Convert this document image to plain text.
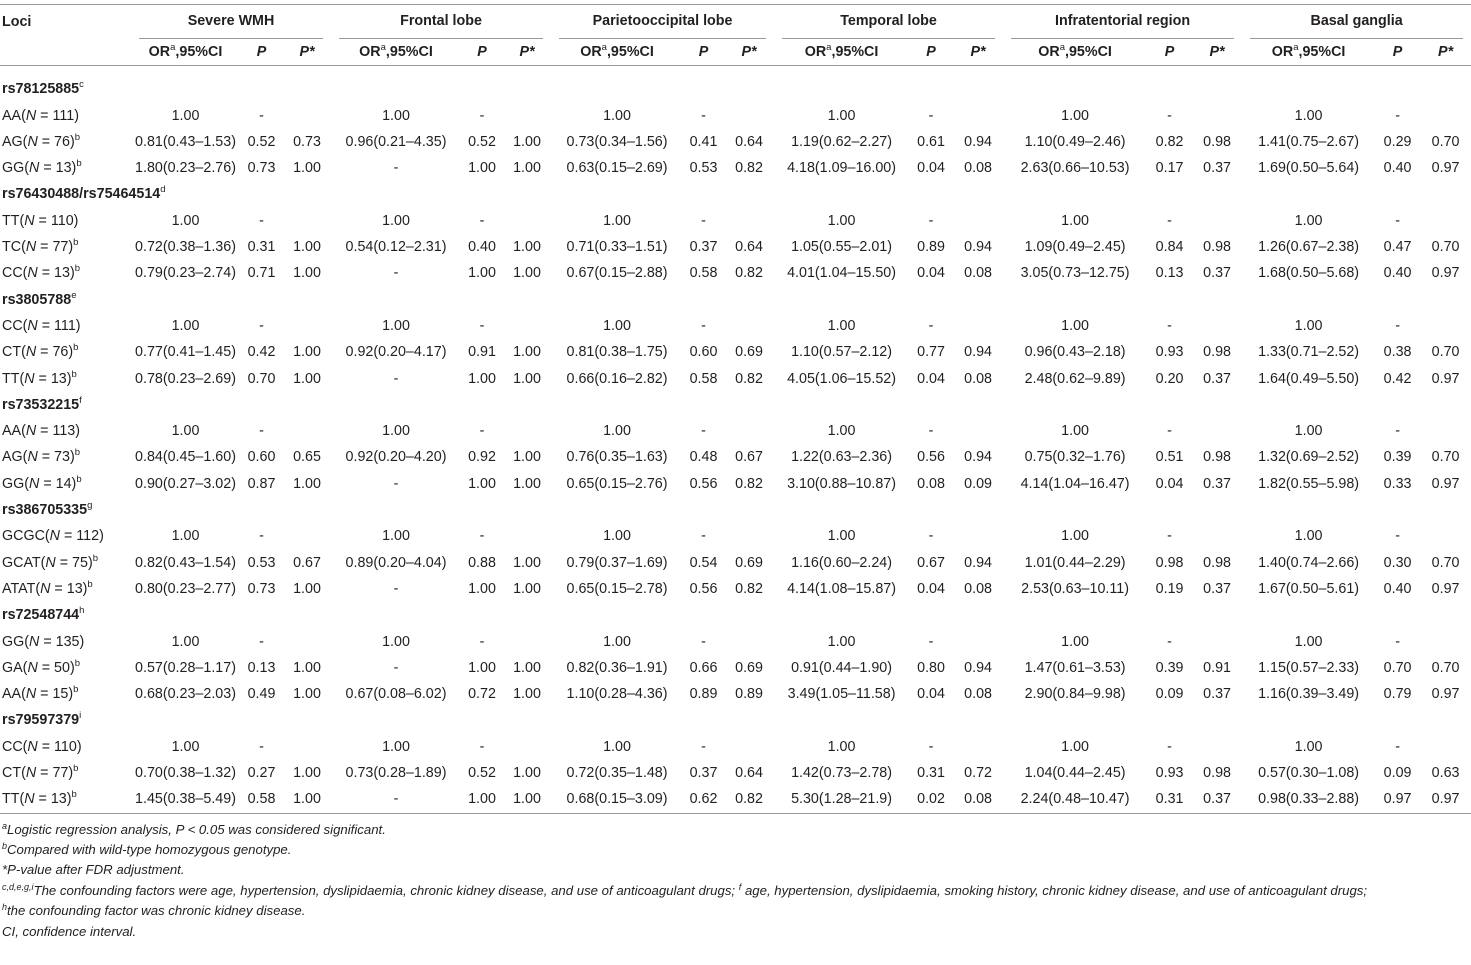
Loci	Severe WMH			Frontal lobe			Parietooccipital lobe			Temporal lobe			Infratentorial region			Basal ganglia		

	$OR^a,95\%CI$	P	P*	$OR^a,95\%CI$	P	P*	$OR^a,95\%CI$	P	P*	$OR^a,95\%CI$	P	P*	$OR^a,95\%CI$	P	P*	$OR^a,95\%CI$	P	P*

rs78125885$^c$
AA(N = 111)	1.00	-		1.00	-		1.00	-		1.00	-		1.00	-		1.00	-	
AG(N = 76)$^b$	0.81(0.43–1.53)	0.52	0.73	0.96(0.21–4.35)	0.52	1.00	0.73(0.34–1.56)	0.41	0.64	1.19(0.62–2.27)	0.61	0.94	1.10(0.49–2.46)	0.82	0.98	1.41(0.75–2.67)	0.29	0.70
GG(N = 13)$^b$	1.80(0.23–2.76)	0.73	1.00	-	1.00	1.00	0.63(0.15–2.69)	0.53	0.82	4.18(1.09–16.00)	0.04	0.08	2.63(0.66–10.53)	0.17	0.37	1.69(0.50–5.64)	0.40	0.97
rs76430488/rs75464514$^d$
TT(N = 110)	1.00	-		1.00	-		1.00	-		1.00	-		1.00	-		1.00	-	
TC(N = 77)$^b$	0.72(0.38–1.36)	0.31	1.00	0.54(0.12–2.31)	0.40	1.00	0.71(0.33–1.51)	0.37	0.64	1.05(0.55–2.01)	0.89	0.94	1.09(0.49–2.45)	0.84	0.98	1.26(0.67–2.38)	0.47	0.70
CC(N = 13)$^b$	0.79(0.23–2.74)	0.71	1.00	-	1.00	1.00	0.67(0.15–2.88)	0.58	0.82	4.01(1.04–15.50)	0.04	0.08	3.05(0.73–12.75)	0.13	0.37	1.68(0.50–5.68)	0.40	0.97
rs3805788e
CC(N = 111)	1.00	-		1.00	-		1.00	-		1.00	-		1.00	-		1.00	-	
CT(N = 76)$^b$	0.77(0.41–1.45)	0.42	1.00	0.92(0.20–4.17)	0.91	1.00	0.81(0.38–1.75)	0.60	0.69	1.10(0.57–2.12)	0.77	0.94	0.96(0.43–2.18)	0.93	0.98	1.33(0.71–2.52)	0.38	0.70
TT(N = 13)$^b$	0.78(0.23–2.69)	0.70	1.00	-	1.00	1.00	0.66(0.16–2.82)	0.58	0.82	4.05(1.06–15.52)	0.04	0.08	2.48(0.62–9.89)	0.20	0.37	1.64(0.49–5.50)	0.42	0.97
rs73532215$^f$
AA(N = 113)	1.00	-		1.00	-		1.00	-		1.00	-		1.00	-		1.00	-	
AG(N = 73)$^b$	0.84(0.45–1.60)	0.60	0.65	0.92(0.20–4.20)	0.92	1.00	0.76(0.35–1.63)	0.48	0.67	1.22(0.63–2.36)	0.56	0.94	0.75(0.32–1.76)	0.51	0.98	1.32(0.69–2.52)	0.39	0.70
GG(N = 14)$^b$	0.90(0.27–3.02)	0.87	1.00	-	1.00	1.00	0.65(0.15–2.76)	0.56	0.82	3.10(0.88–10.87)	0.08	0.09	4.14(1.04–16.47)	0.04	0.37	1.82(0.55–5.98)	0.33	0.97
rs386705335$^g$
GCGC(N = 112)	1.00	-		1.00	-		1.00	-		1.00	-		1.00	-		1.00	-	
GCAT(N = 75)$^b$	0.82(0.43–1.54)	0.53	0.67	0.89(0.20–4.04)	0.88	1.00	0.79(0.37–1.69)	0.54	0.69	1.16(0.60–2.24)	0.67	0.94	1.01(0.44–2.29)	0.98	0.98	1.40(0.74–2.66)	0.30	0.70
ATAT(N = 13)$^b$	0.80(0.23–2.77)	0.73	1.00	-	1.00	1.00	0.65(0.15–2.78)	0.56	0.82	4.14(1.08–15.87)	0.04	0.08	2.53(0.63–10.11)	0.19	0.37	1.67(0.50–5.61)	0.40	0.97
rs72548744$^h$
GG(N = 135)	1.00	-		1.00	-		1.00	-		1.00	-		1.00	-		1.00	-	
GA(N = 50)$^b$	0.57(0.28–1.17)	0.13	1.00	-	1.00	1.00	0.82(0.36–1.91)	0.66	0.69	0.91(0.44–1.90)	0.80	0.94	1.47(0.61–3.53)	0.39	0.91	1.15(0.57–2.33)	0.70	0.70
AA(N = 15)$^b$	0.68(0.23–2.03)	0.49	1.00	0.67(0.08–6.02)	0.72	1.00	1.10(0.28–4.36)	0.89	0.89	3.49(1.05–11.58)	0.04	0.08	2.90(0.84–9.98)	0.09	0.37	1.16(0.39–3.49)	0.79	0.97
rs79597379$^i$
CC(N = 110)	1.00	-		1.00	-		1.00	-		1.00	-		1.00	-		1.00	-	
CT(N = 77)$^b$	0.70(0.38–1.32)	0.27	1.00	0.73(0.28–1.89)	0.52	1.00	0.72(0.35–1.48)	0.37	0.64	1.42(0.73–2.78)	0.31	0.72	1.04(0.44–2.45)	0.93	0.98	0.57(0.30–1.08)	0.09	0.63
TT(N = 13)$^b$	1.45(0.38–5.49)	0.58	1.00	-	1.00	1.00	0.68(0.15–3.09)	0.62	0.82	5.30(1.28–21.9)	0.02	0.08	2.24(0.48–10.47)	0.31	0.37	0.98(0.33–2.88)	0.97	0.97
$^a$Logistic regression analysis, P < 0.05 was considered significant.
$^b$Compared with wild-type homozygous genotype.
*P-value after FDR adjustment.
$^{c,d,e,g,i}$The confounding factors were age, hypertension, dyslipidaemia, chronic kidney disease, and use of anticoagulant drugs; $^f$ age, hypertension, dyslipidaemia, smoking history, chronic kidney disease, and use of anticoagulant drugs;
$^h$the confounding factor was chronic kidney disease.
CI, confidence interval.
